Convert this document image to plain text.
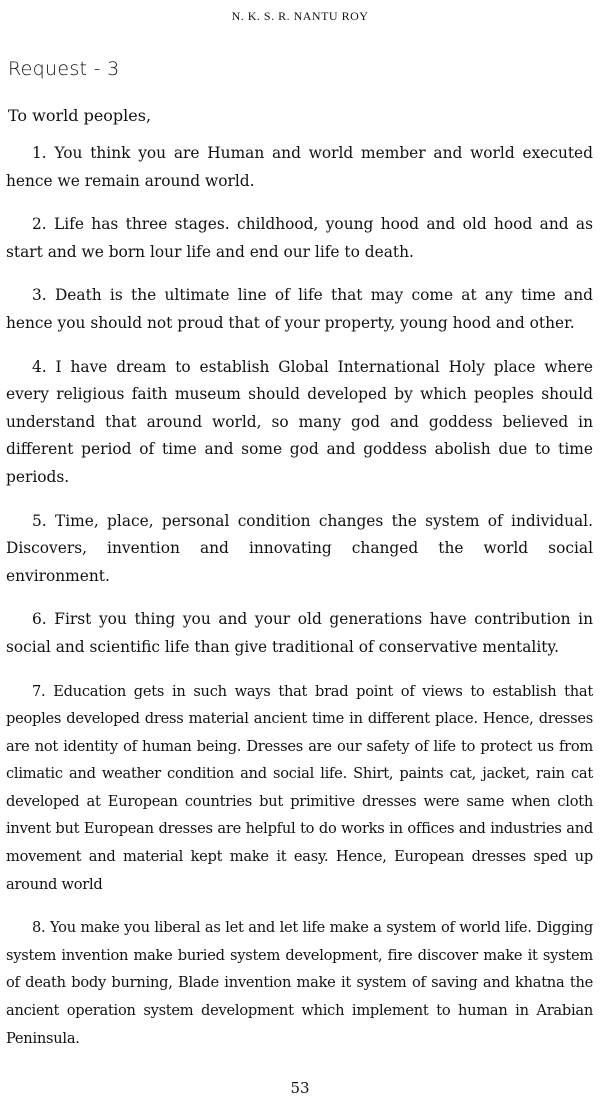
N. K. S. R. NANTU ROY
Request - 3
To world peoples,

1. You think you are Human and world member and world executed hence we remain around world.

2. Life has three stages. childhood, young hood and old hood and as start and we born lour life and end our life to death.

3. Death is the ultimate line of life that may come at any time and hence you should not proud that of your property, young hood and other.

4. I have dream to establish Global International Holy place where every religious faith museum should developed by which peoples should understand that around world, so many god and goddess believed in different period of time and some god and goddess abolish due to time periods.

5. Time, place, personal condition changes the system of individual. Discovers, invention and innovating changed the world social environment.

6. First you thing you and your old generations have contribution in social and scientific life than give traditional of conservative mentality.

7. Education gets in such ways that brad point of views to establish that peoples developed dress material ancient time in different place. Hence, dresses are not identity of human being. Dresses are our safety of life to protect us from climatic and weather condition and social life. Shirt, paints cat, jacket, rain cat developed at European countries but primitive dresses were same when cloth invent but European dresses are helpful to do works in offices and industries and movement and material kept make it easy. Hence, European dresses sped up around world

8. You make you liberal as let and let life make a system of world life. Digging system invention make buried system development, fire discover make it system of death body burning, Blade invention make it system of saving and khatna the ancient operation system development which implement to human in Arabian Peninsula.

53
